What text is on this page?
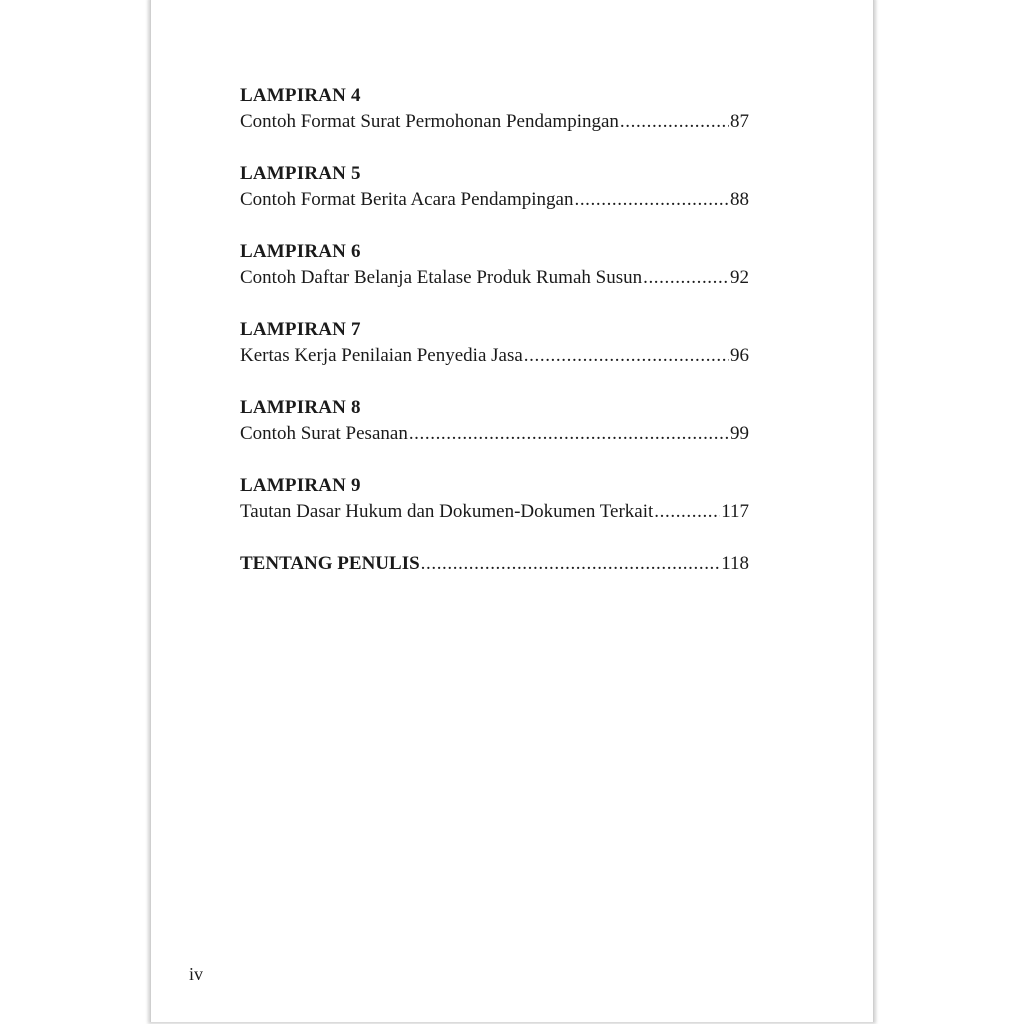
LAMPIRAN 4
Contoh Format Surat Permohonan Pendampingan .....	87
LAMPIRAN 5
Contoh Format Berita Acara Pendampingan .....	88
LAMPIRAN 6
Contoh Daftar Belanja Etalase Produk Rumah Susun .....	92
LAMPIRAN 7
Kertas Kerja Penilaian Penyedia Jasa .....	96
LAMPIRAN 8
Contoh Surat Pesanan .....	99
LAMPIRAN 9
Tautan Dasar Hukum dan Dokumen-Dokumen Terkait .....	117
TENTANG PENULIS .....	118
iv
